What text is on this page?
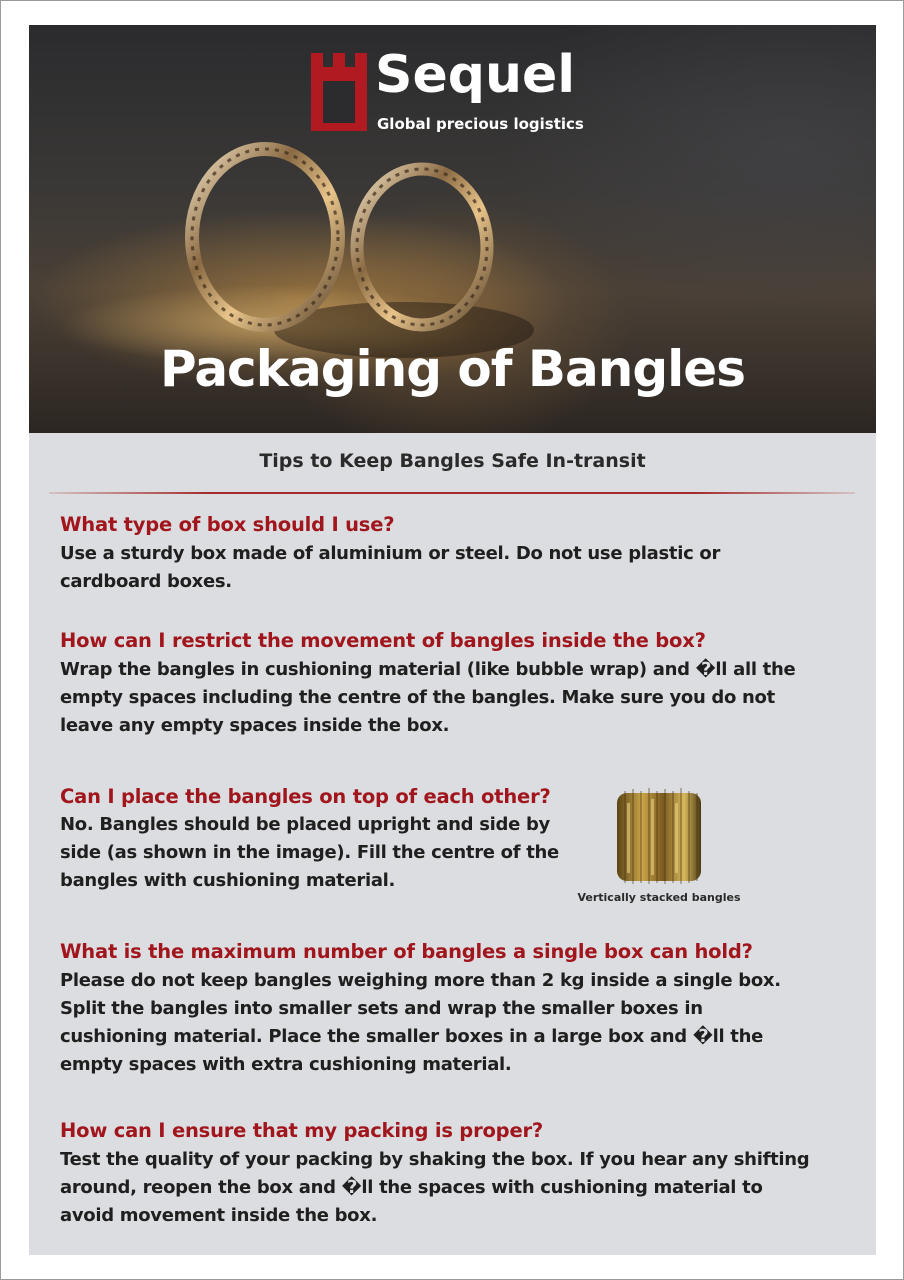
Sequel
Global precious logistics
Packaging of Bangles
Tips to Keep Bangles Safe In-transit
What type of box should I use?
Use a sturdy box made of aluminium or steel. Do not use plastic or
cardboard boxes.
How can I restrict the movement of bangles inside the box?
Wrap the bangles in cushioning material (like bubble wrap) and �ll all the
empty spaces including the centre of the bangles. Make sure you do not
leave any empty spaces inside the box.
Can I place the bangles on top of each other?
No. Bangles should be placed upright and side by
side (as shown in the image). Fill the centre of the
bangles with cushioning material.
Vertically stacked bangles
What is the maximum number of bangles a single box can hold?
Please do not keep bangles weighing more than 2 kg inside a single box.
Split the bangles into smaller sets and wrap the smaller boxes in
cushioning material. Place the smaller boxes in a large box and �ll the
empty spaces with extra cushioning material.
How can I ensure that my packing is proper?
Test the quality of your packing by shaking the box. If you hear any shifting
around, reopen the box and �ll the spaces with cushioning material to
avoid movement inside the box.
